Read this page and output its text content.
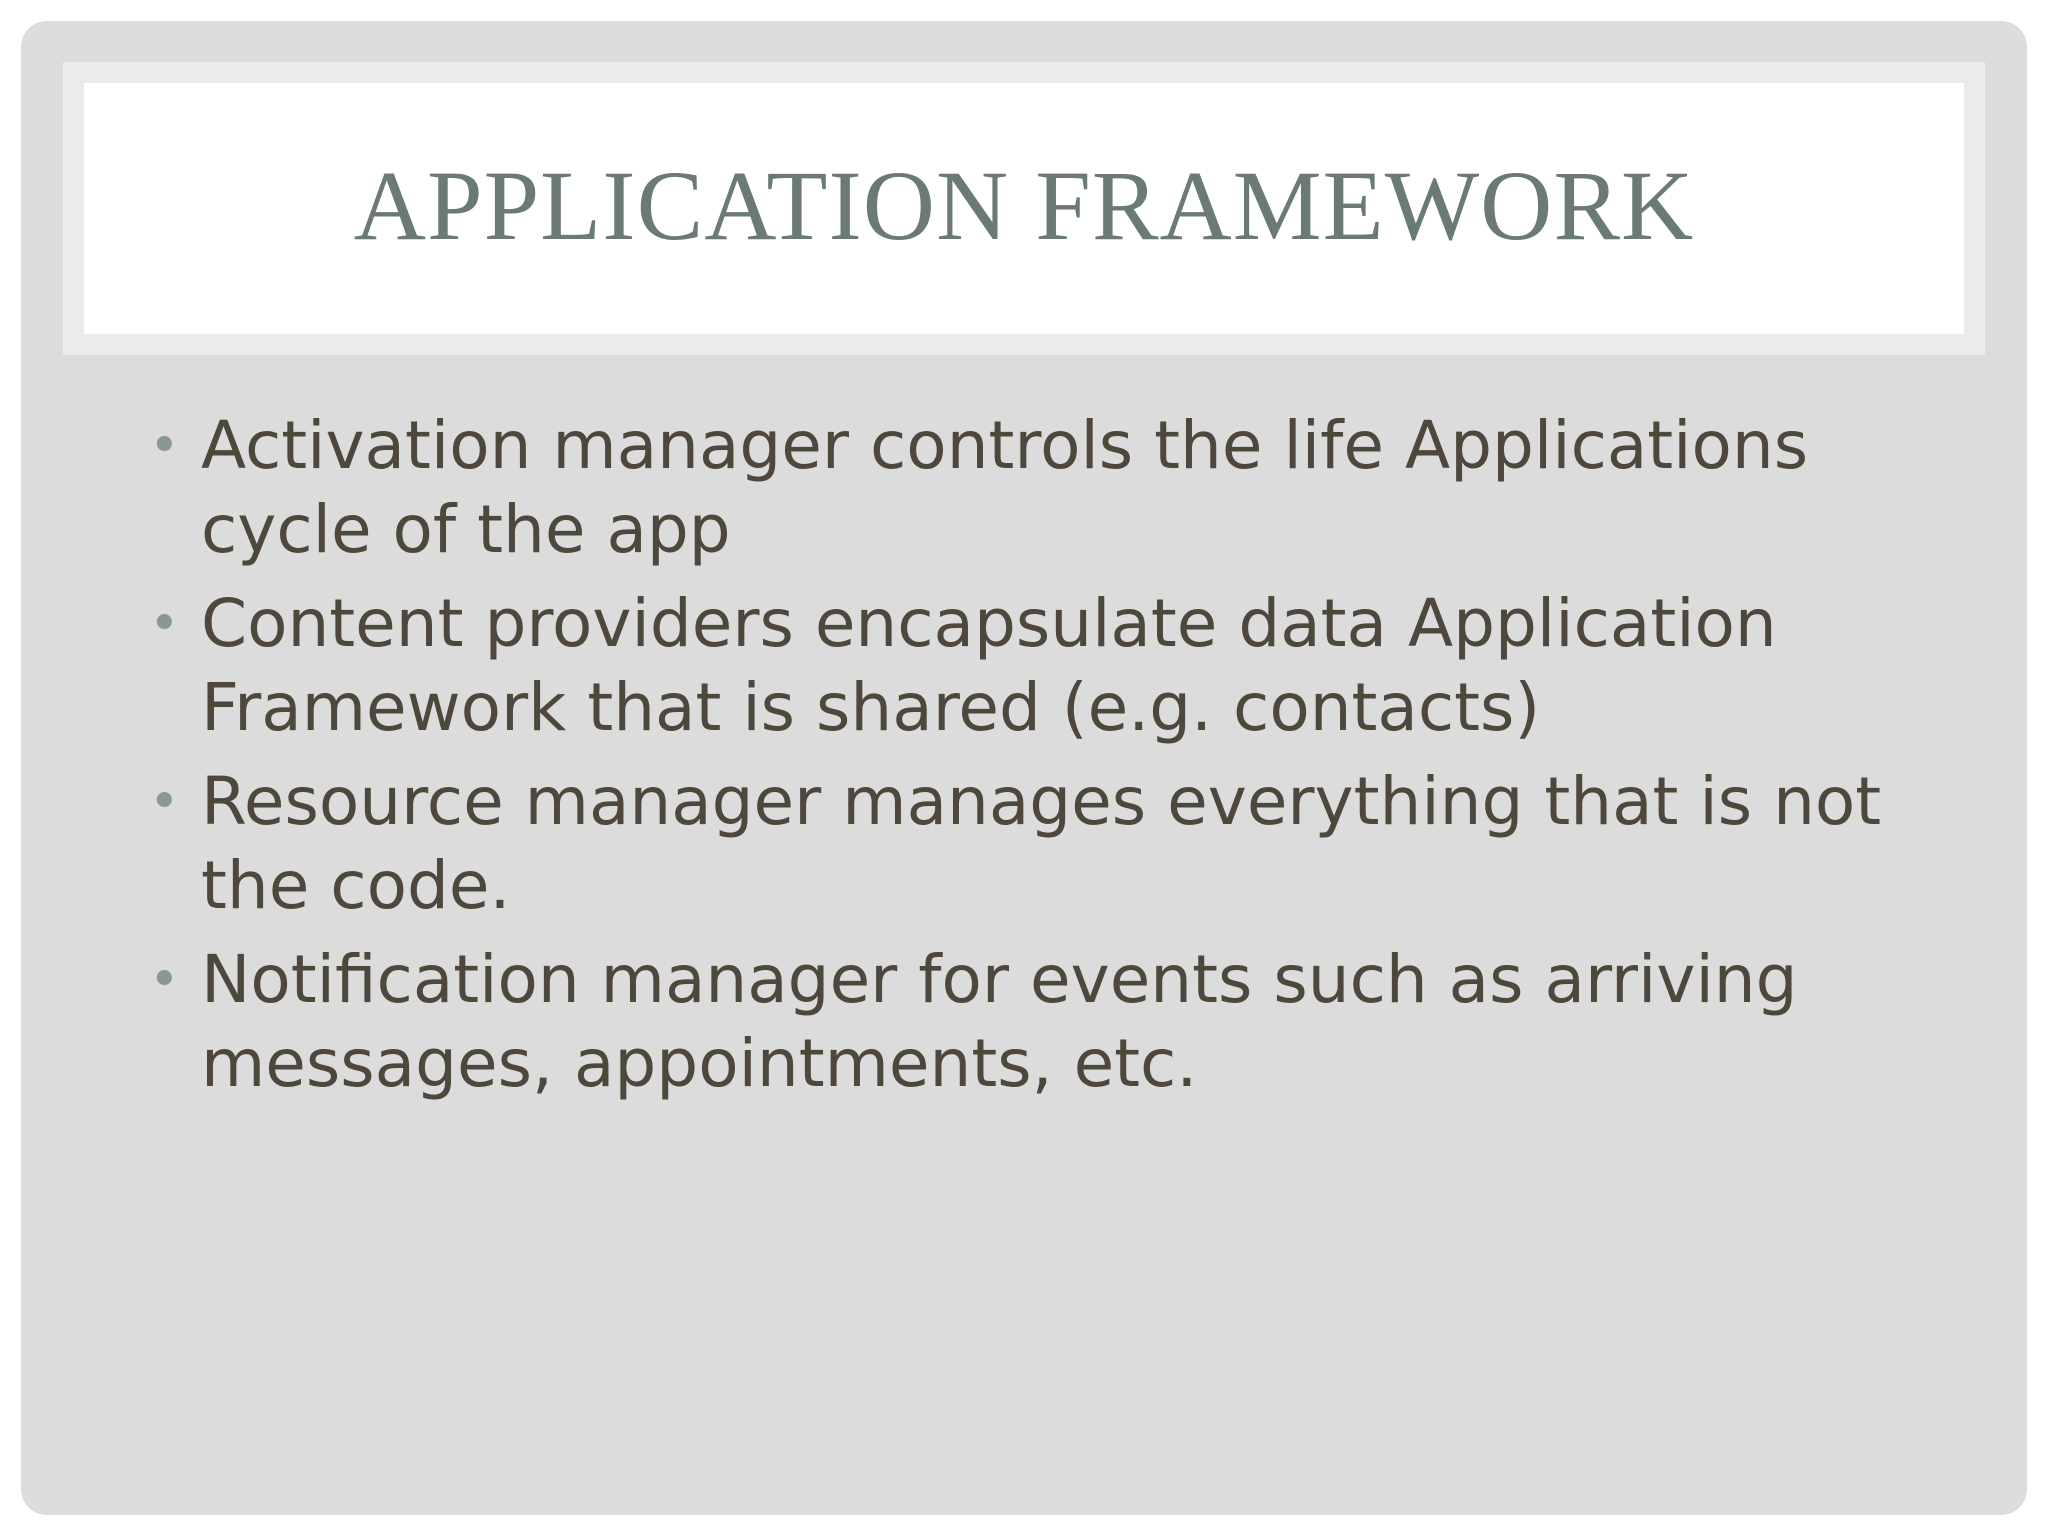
APPLICATION FRAMEWORK
• Activation manager controls the life Applications
cycle of the app
• Content providers encapsulate data Application
Framework that is shared (e.g. contacts)
• Resource manager manages everything that is not
the code.
• Notification manager for events such as arriving
messages, appointments, etc.
